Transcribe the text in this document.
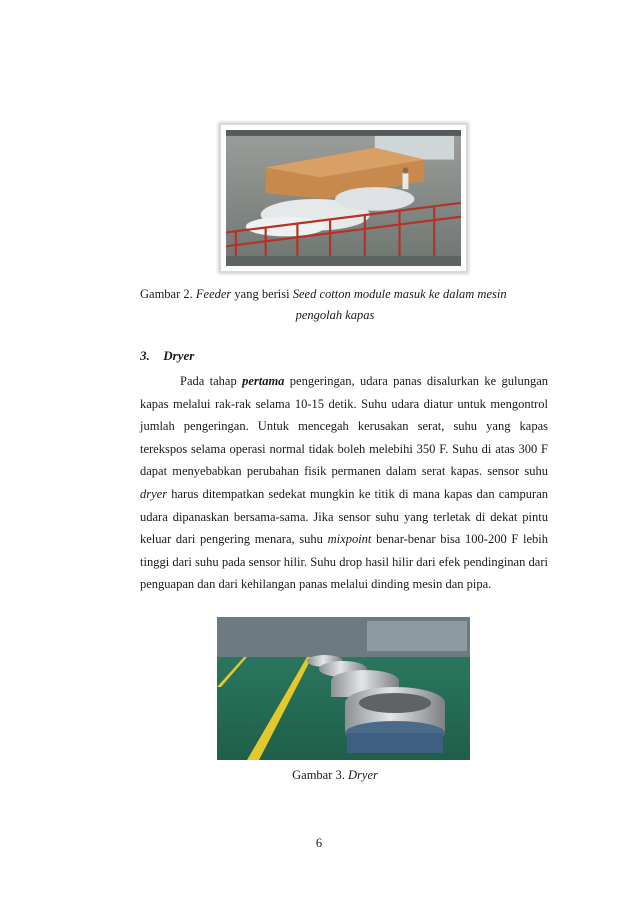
Gambar 2. Feeder yang berisi Seed cotton module masuk ke dalam mesin
pengolah kapas
3. Dryer
Pada tahap pertama pengeringan, udara panas disalurkan ke gulungan kapas melalui rak-rak selama 10-15 detik. Suhu udara diatur untuk mengontrol jumlah pengeringan. Untuk mencegah kerusakan serat, suhu yang kapas terekspos selama operasi normal tidak boleh melebihi 350 F. Suhu di atas 300 F dapat menyebabkan perubahan fisik permanen dalam serat kapas. sensor suhu dryer harus ditempatkan sedekat mungkin ke titik di mana kapas dan campuran udara dipanaskan bersama-sama. Jika sensor suhu yang terletak di dekat pintu keluar dari pengering menara, suhu mixpoint benar-benar bisa 100-200 F lebih tinggi dari suhu pada sensor hilir. Suhu drop hasil hilir dari efek pendinginan dari penguapan dan dari kehilangan panas melalui dinding mesin dan pipa.
Gambar 3. Dryer
6
